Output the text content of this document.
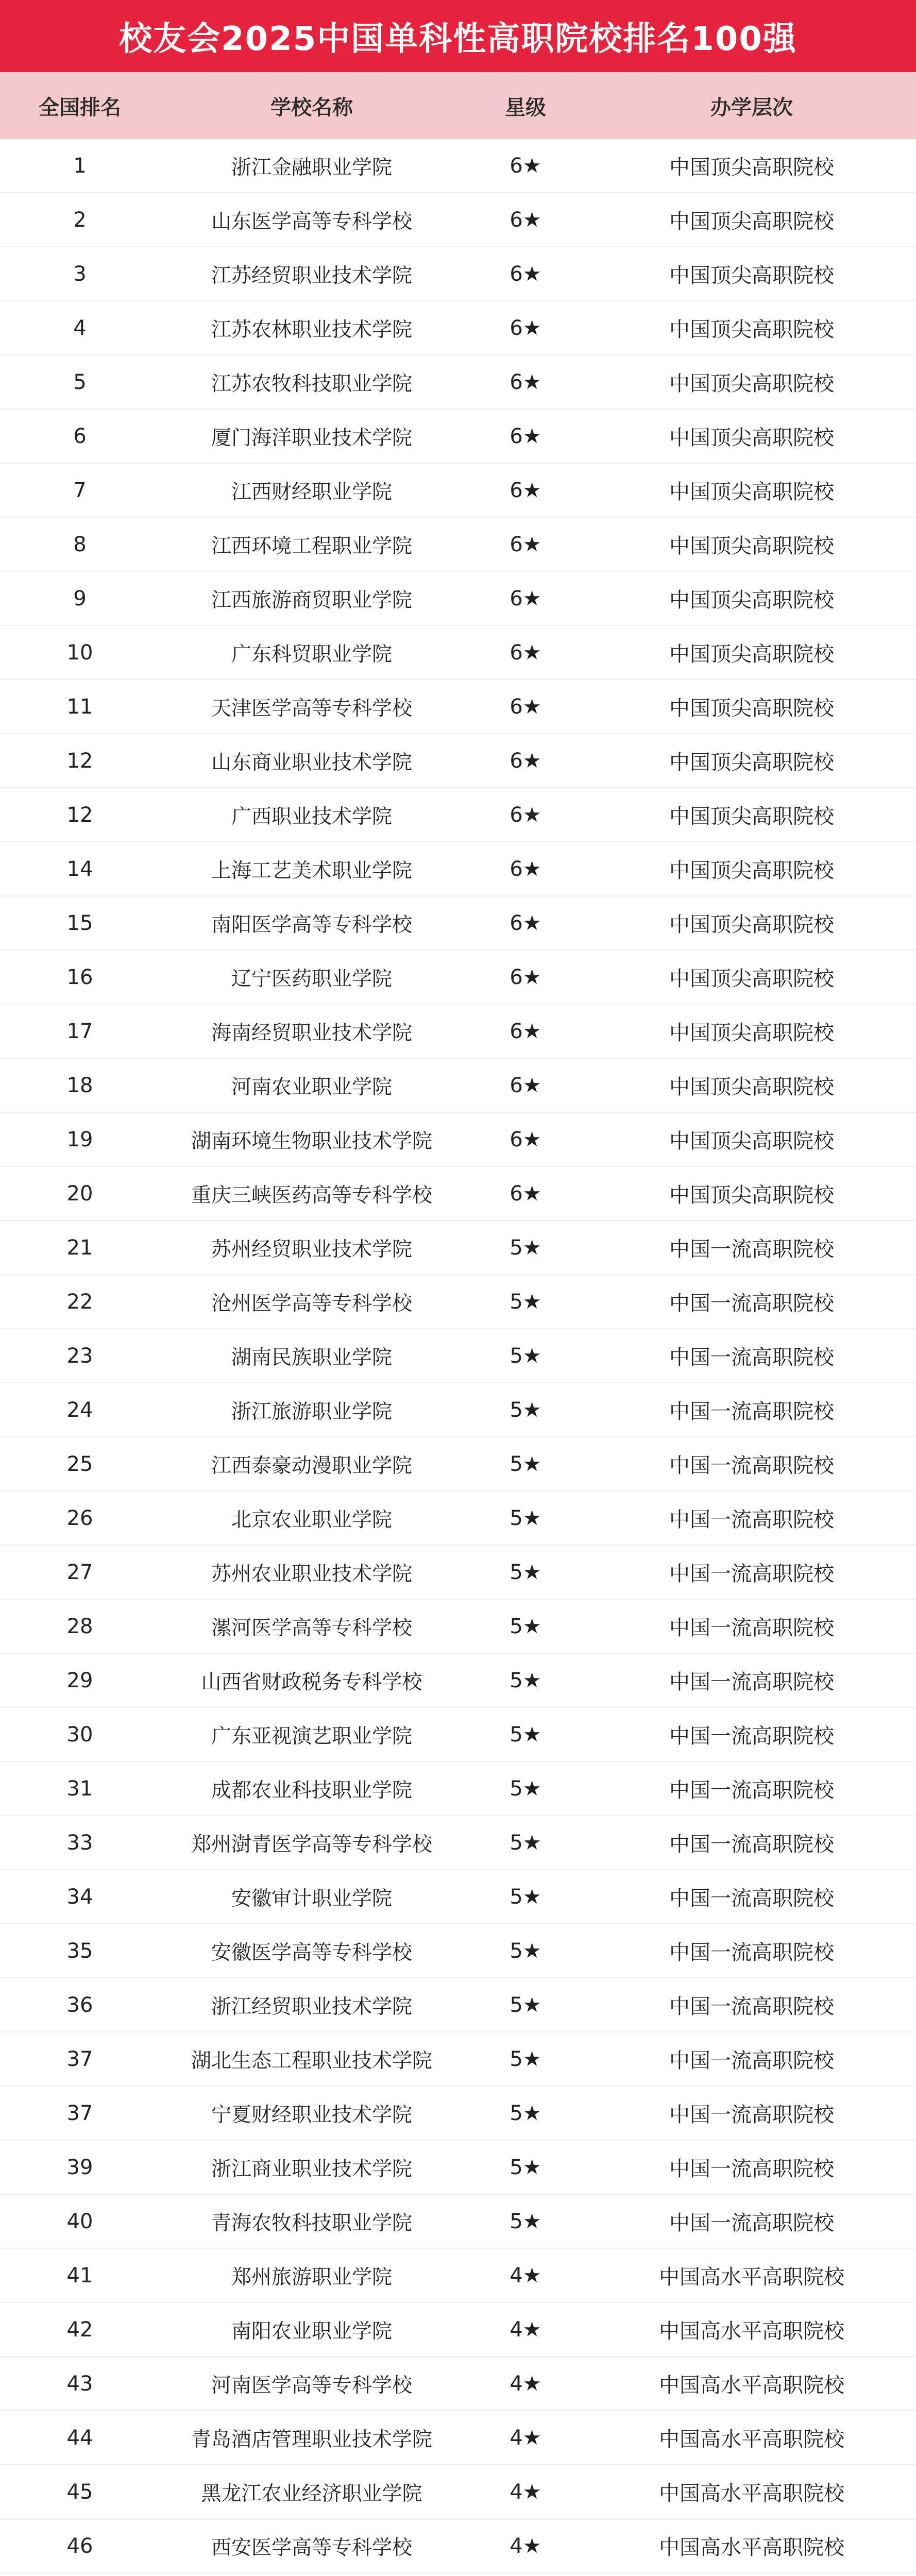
校友会2025中国单科性高职院校排名100强
全国排名	学校名称	星级	办学层次
1	浙江金融职业学院	6★	中国顶尖高职院校
2	山东医学高等专科学校	6★	中国顶尖高职院校
3	江苏经贸职业技术学院	6★	中国顶尖高职院校
4	江苏农林职业技术学院	6★	中国顶尖高职院校
5	江苏农牧科技职业学院	6★	中国顶尖高职院校
6	厦门海洋职业技术学院	6★	中国顶尖高职院校
7	江西财经职业学院	6★	中国顶尖高职院校
8	江西环境工程职业学院	6★	中国顶尖高职院校
9	江西旅游商贸职业学院	6★	中国顶尖高职院校
10	广东科贸职业学院	6★	中国顶尖高职院校
11	天津医学高等专科学校	6★	中国顶尖高职院校
12	山东商业职业技术学院	6★	中国顶尖高职院校
12	广西职业技术学院	6★	中国顶尖高职院校
14	上海工艺美术职业学院	6★	中国顶尖高职院校
15	南阳医学高等专科学校	6★	中国顶尖高职院校
16	辽宁医药职业学院	6★	中国顶尖高职院校
17	海南经贸职业技术学院	6★	中国顶尖高职院校
18	河南农业职业学院	6★	中国顶尖高职院校
19	湖南环境生物职业技术学院	6★	中国顶尖高职院校
20	重庆三峡医药高等专科学校	6★	中国顶尖高职院校
21	苏州经贸职业技术学院	5★	中国一流高职院校
22	沧州医学高等专科学校	5★	中国一流高职院校
23	湖南民族职业学院	5★	中国一流高职院校
24	浙江旅游职业学院	5★	中国一流高职院校
25	江西泰豪动漫职业学院	5★	中国一流高职院校
26	北京农业职业学院	5★	中国一流高职院校
27	苏州农业职业技术学院	5★	中国一流高职院校
28	漯河医学高等专科学校	5★	中国一流高职院校
29	山西省财政税务专科学校	5★	中国一流高职院校
30	广东亚视演艺职业学院	5★	中国一流高职院校
31	成都农业科技职业学院	5★	中国一流高职院校
33	郑州澍青医学高等专科学校	5★	中国一流高职院校
34	安徽审计职业学院	5★	中国一流高职院校
35	安徽医学高等专科学校	5★	中国一流高职院校
36	浙江经贸职业技术学院	5★	中国一流高职院校
37	湖北生态工程职业技术学院	5★	中国一流高职院校
37	宁夏财经职业技术学院	5★	中国一流高职院校
39	浙江商业职业技术学院	5★	中国一流高职院校
40	青海农牧科技职业学院	5★	中国一流高职院校
41	郑州旅游职业学院	4★	中国高水平高职院校
42	南阳农业职业学院	4★	中国高水平高职院校
43	河南医学高等专科学校	4★	中国高水平高职院校
44	青岛酒店管理职业技术学院	4★	中国高水平高职院校
45	黑龙江农业经济职业学院	4★	中国高水平高职院校
46	西安医学高等专科学校	4★	中国高水平高职院校
